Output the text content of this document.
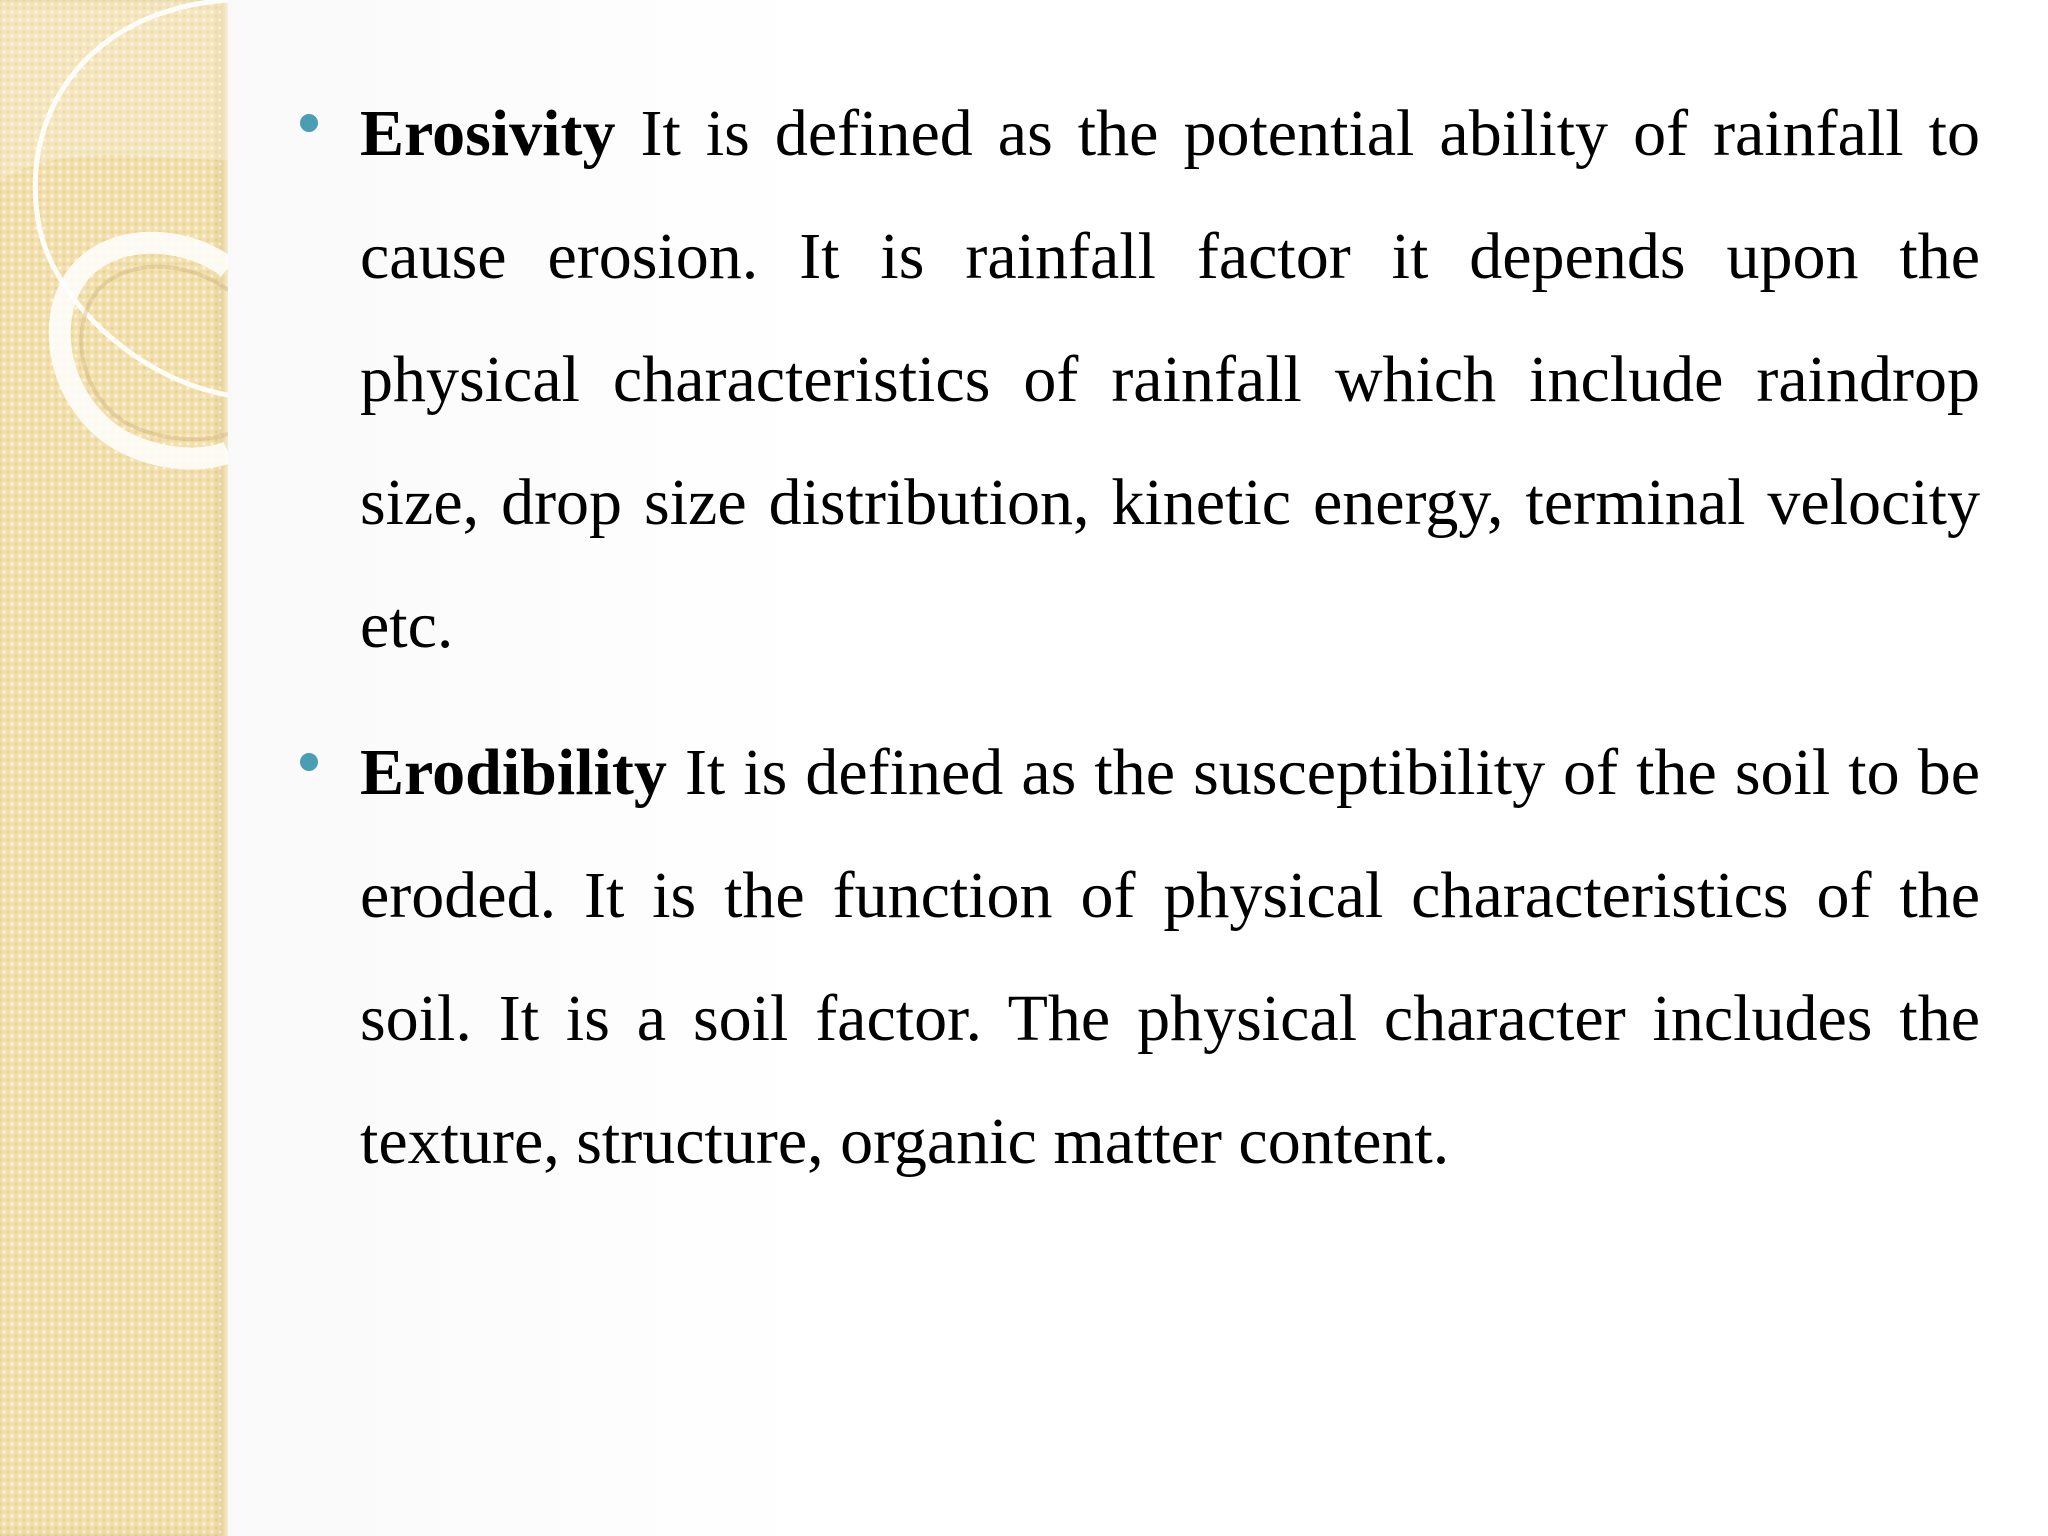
Erosivity It is defined as the potential ability of rainfall to cause erosion. It is rainfall factor it depends upon the physical characteristics of rainfall which include raindrop size, drop size distribution, kinetic energy, terminal velocity etc.

Erodibility It is defined as the susceptibility of the soil to be eroded. It is the function of physical characteristics of the soil. It is a soil factor. The physical character includes the texture, structure, organic matter content.
